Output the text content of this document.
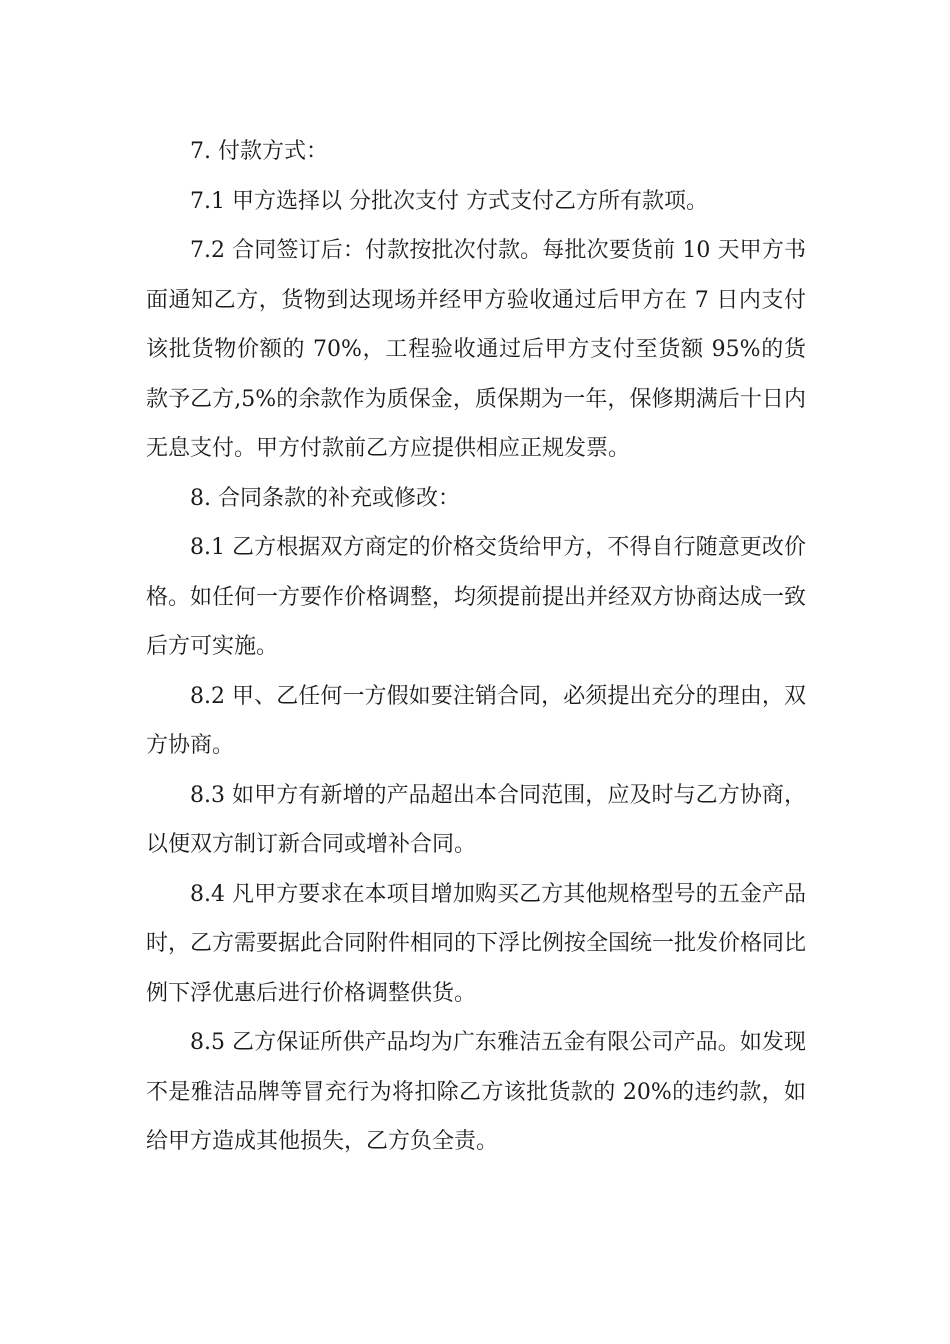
7. 付款方式：

7.1 甲方选择以 分批次支付 方式支付乙方所有款项。

7.2 合同签订后：付款按批次付款。每批次要货前 10 天甲方书面通知乙方，货物到达现场并经甲方验收通过后甲方在 7 日内支付该批货物价额的 70%，工程验收通过后甲方支付至货额 95%的货款予乙方,5%的余款作为质保金，质保期为一年，保修期满后十日内无息支付。甲方付款前乙方应提供相应正规发票。

8. 合同条款的补充或修改：

8.1 乙方根据双方商定的价格交货给甲方，不得自行随意更改价格。如任何一方要作价格调整，均须提前提出并经双方协商达成一致后方可实施。

8.2 甲、乙任何一方假如要注销合同，必须提出充分的理由，双方协商。

8.3 如甲方有新增的产品超出本合同范围，应及时与乙方协商，以便双方制订新合同或增补合同。

8.4 凡甲方要求在本项目增加购买乙方其他规格型号的五金产品时，乙方需要据此合同附件相同的下浮比例按全国统一批发价格同比例下浮优惠后进行价格调整供货。

8.5 乙方保证所供产品均为广东雅洁五金有限公司产品。如发现不是雅洁品牌等冒充行为将扣除乙方该批货款的 20%的违约款，如给甲方造成其他损失，乙方负全责。
